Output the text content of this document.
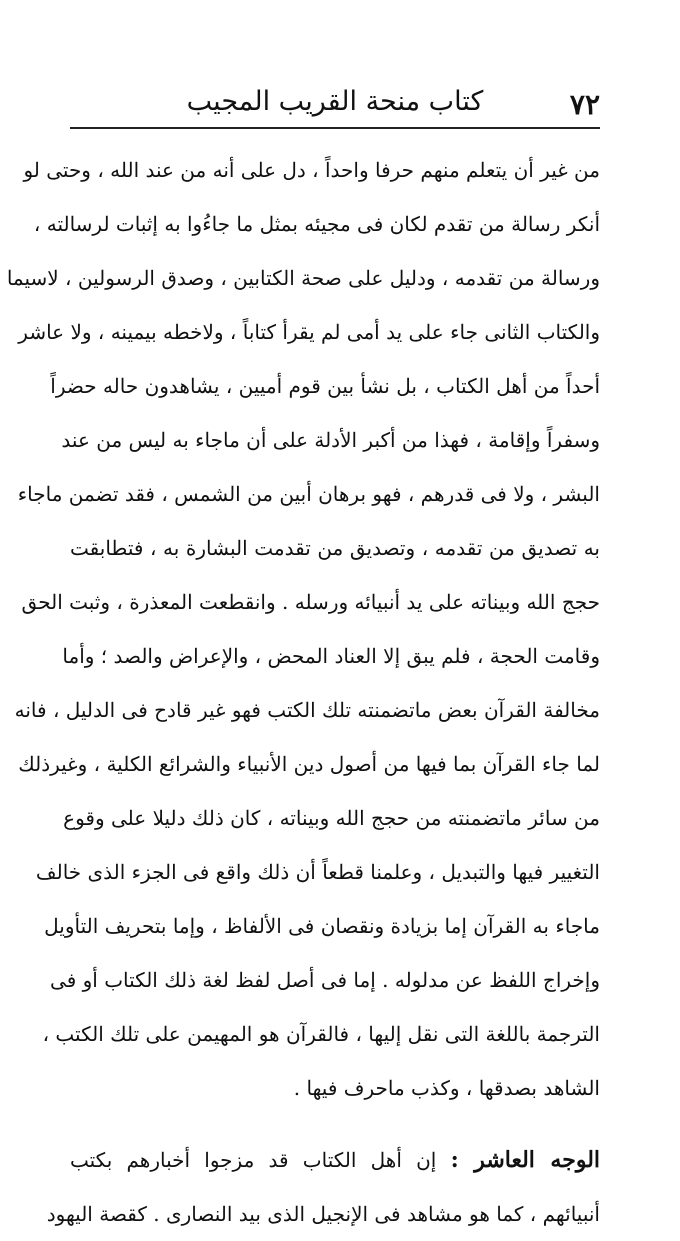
٧٢
كتاب منحة القريب المجيب
من غير أن يتعلم منهم حرفا واحداً ، دل على أنه من عند الله ، وحتى لو
أنكر رسالة من تقدم لكان فى مجيئه بمثل ما جاءُوا به إثبات لرسالته ،
ورسالة من تقدمه ، ودليل على صحة الكتابين ، وصدق الرسولين ، لاسيما
والكتاب الثانى جاء على يد أمى لم يقرأ كتاباً ، ولاخطه بيمينه ، ولا عاشر
أحداً من أهل الكتاب ، بل نشأ بين قوم أميين ، يشاهدون حاله حضراً
وسفراً وإقامة ، فهذا من أكبر الأدلة على أن ماجاء به ليس من عند
البشر ، ولا فى قدرهم ، فهو برهان أبين من الشمس ، فقد تضمن ماجاء
به تصديق من تقدمه ، وتصديق من تقدمت البشارة به ، فتطابقت
حجج الله وبيناته على يد أنبيائه ورسله . وانقطعت المعذرة ، وثبت الحق
وقامت الحجة ، فلم يبق إلا العناد المحض ، والإعراض والصد ؛ وأما
مخالفة القرآن بعض ماتضمنته تلك الكتب فهو غير قادح فى الدليل ، فانه
لما جاء القرآن بما فيها من أصول دين الأنبياء والشرائع الكلية ، وغيرذلك
من سائر ماتضمنته من حجج الله وبيناته ، كان ذلك دليلا على وقوع
التغيير فيها والتبديل ، وعلمنا قطعاً أن ذلك واقع فى الجزء الذى خالف
ماجاء به القرآن إما بزيادة ونقصان فى الألفاظ ، وإما بتحريف التأويل
وإخراج اللفظ عن مدلوله . إما فى أصل لفظ لغة ذلك الكتاب أو فى
الترجمة باللغة التى نقل إليها ، فالقرآن هو المهيمن على تلك الكتب ،
الشاهد بصدقها ، وكذب ماحرف فيها .
الوجه العاشر : إن أهل الكتاب قد مزجوا أخبارهم بكتب
أنبيائهم ، كما هو مشاهد فى الإنجيل الذى بيد النصارى . كقصة اليهود
